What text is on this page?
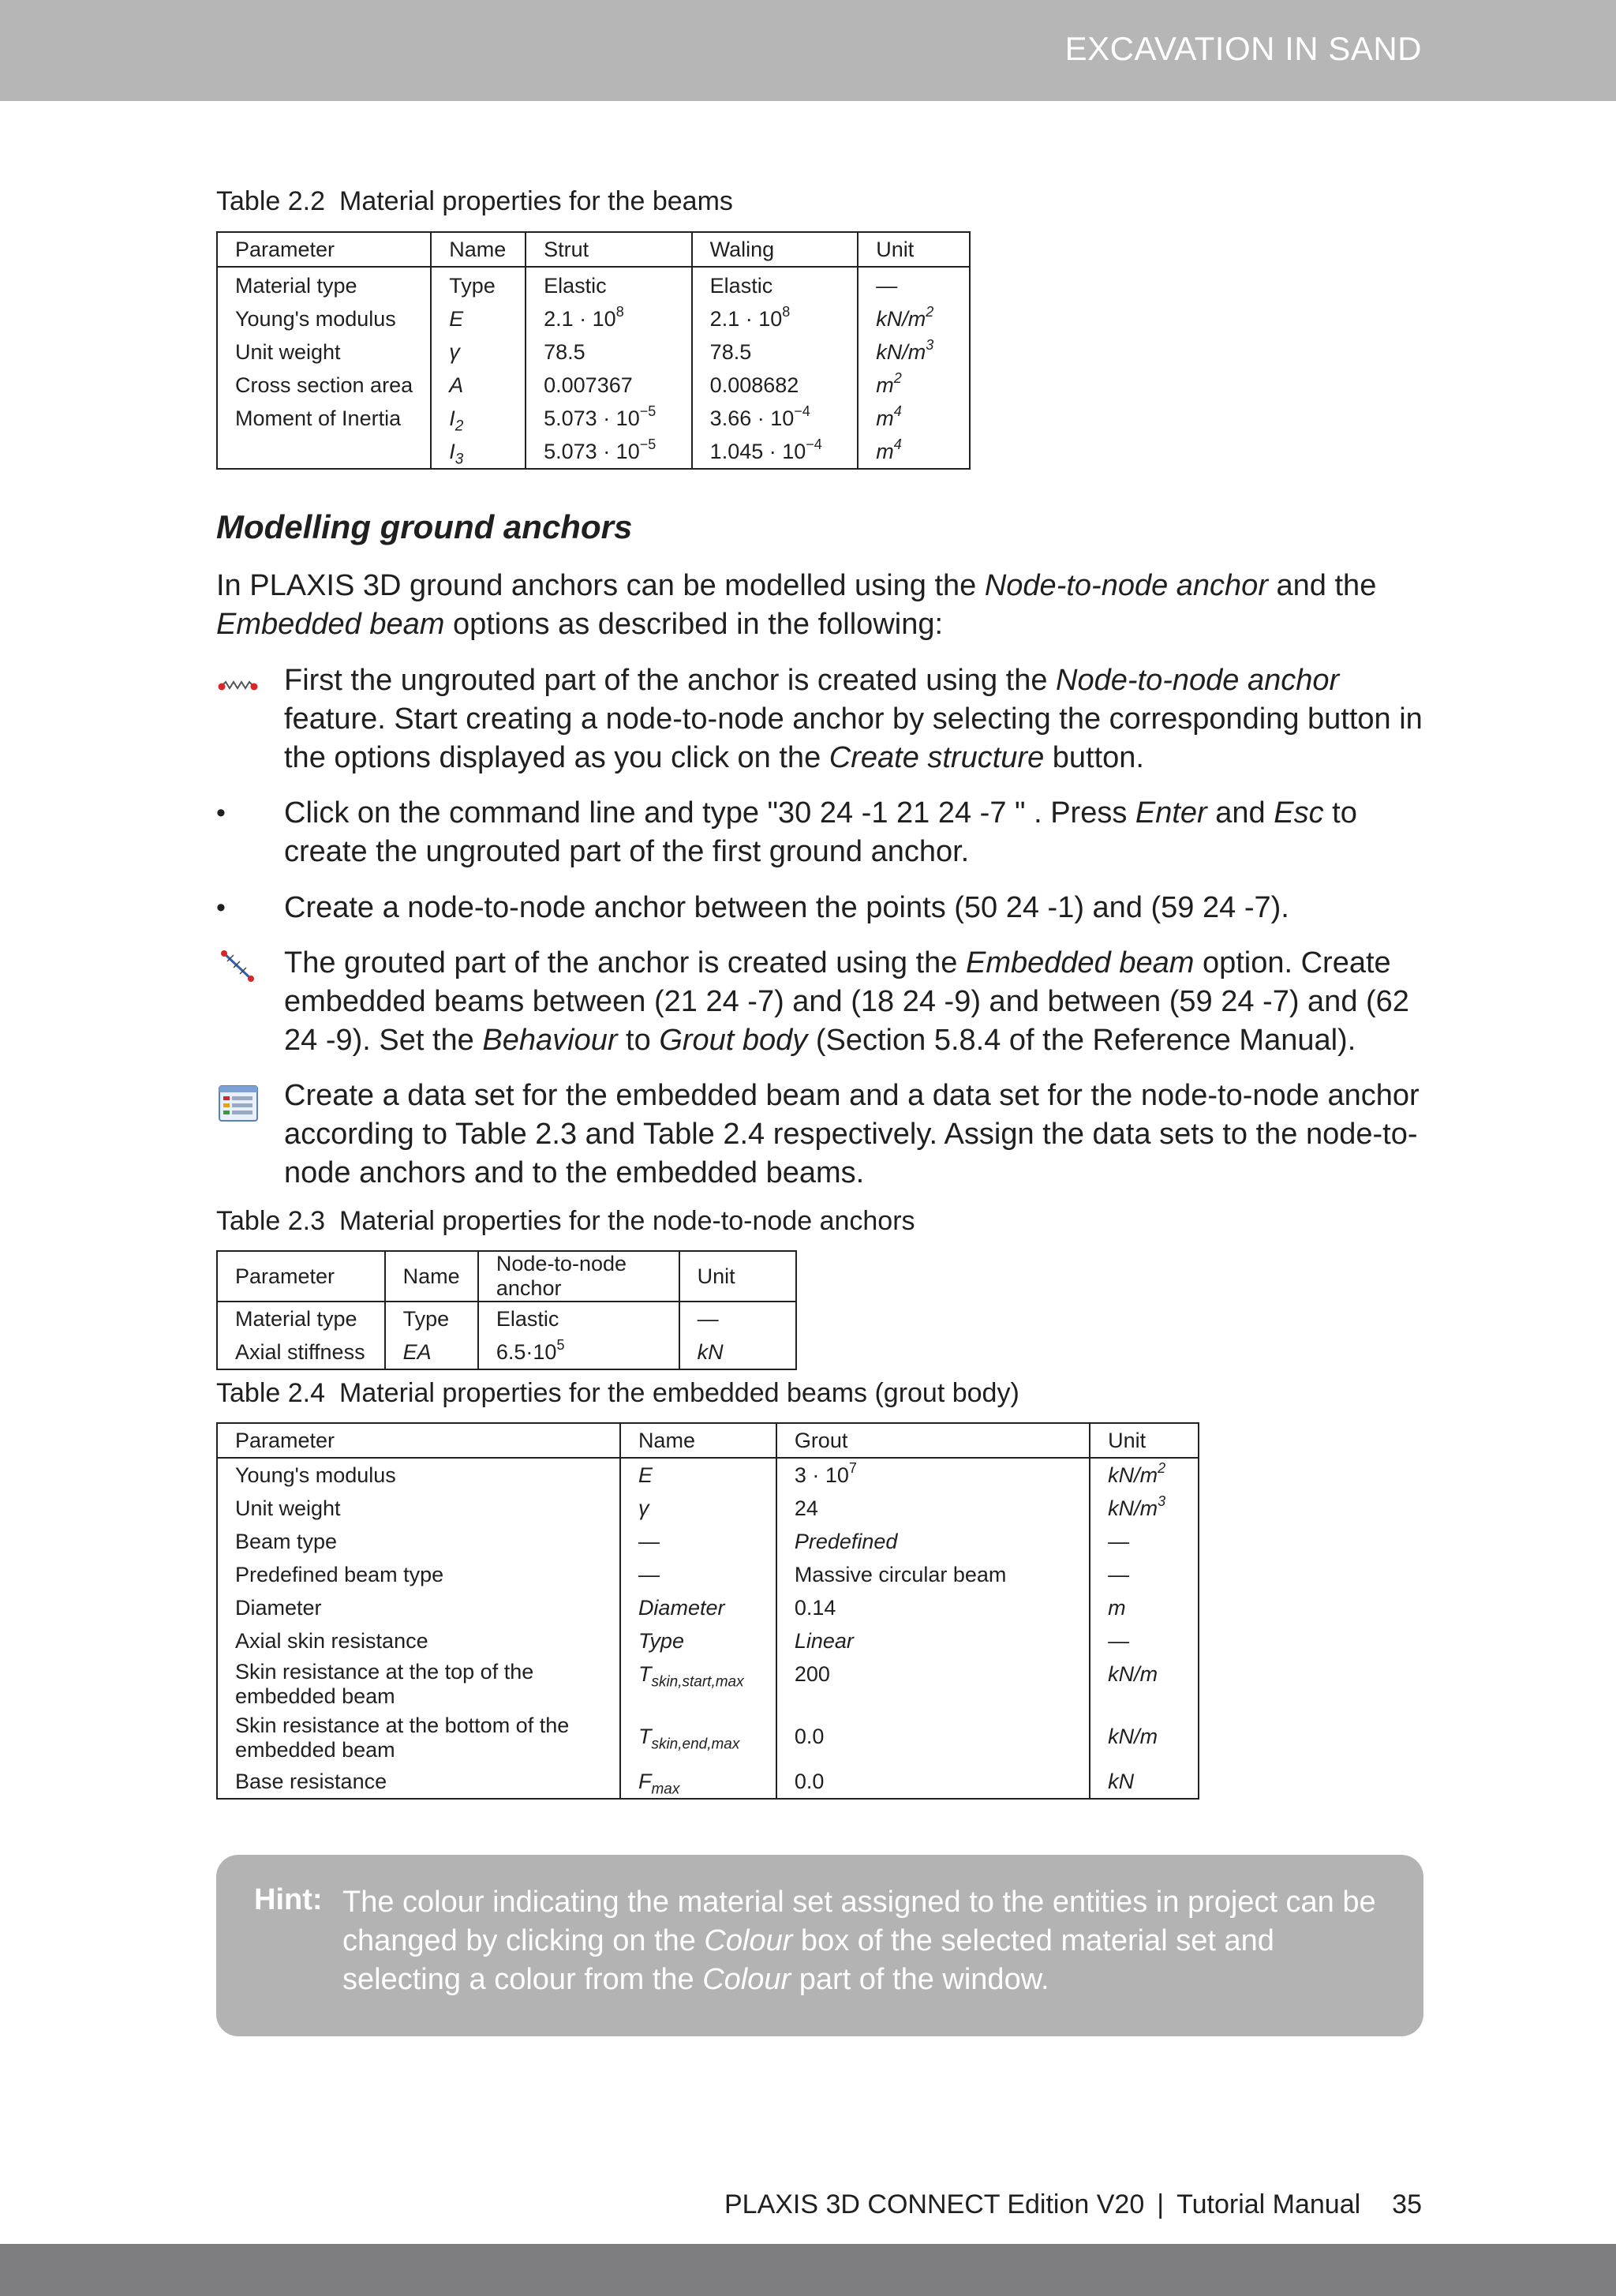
EXCAVATION IN SAND
Table 2.2 Material properties for the beams
Parameter	Name	Strut	Waling	Unit
Material type	Type	Elastic	Elastic	—
Young's modulus	E	$2.1 \cdot 10^8$	$2.1 \cdot 10^8$	$kN/m^2$
Unit weight	γ	78.5	78.5	$kN/m^3$
Cross section area	A	0.007367	0.008682	$m^2$
Moment of Inertia	$I_2$	$5.073 \cdot 10^{-5}$	$3.66 \cdot 10^{-4}$	$m^4$
	$I_3$	$5.073 \cdot 10^{-5}$	$1.045 \cdot 10^{-4}$	$m^4$
Modelling ground anchors
In PLAXIS 3D ground anchors can be modelled using the Node-to-node anchor and the Embedded beam options as described in the following:
First the ungrouted part of the anchor is created using the Node-to-node anchor feature. Start creating a node-to-node anchor by selecting the corresponding button in the options displayed as you click on the Create structure button.
• Click on the command line and type "30 24 -1 21 24 -7 " . Press Enter and Esc to create the ungrouted part of the first ground anchor.
• Create a node-to-node anchor between the points (50 24 -1) and (59 24 -7).
The grouted part of the anchor is created using the Embedded beam option. Create embedded beams between (21 24 -7) and (18 24 -9) and between (59 24 -7) and (62 24 -9). Set the Behaviour to Grout body (Section 5.8.4 of the Reference Manual).
Create a data set for the embedded beam and a data set for the node-to-node anchor according to Table 2.3 and Table 2.4 respectively. Assign the data sets to the node-to-node anchors and to the embedded beams.
Table 2.3 Material properties for the node-to-node anchors
Parameter	Name	Node-to-node anchor	Unit
Material type	Type	Elastic	—
Axial stiffness	EA	$6.5\cdot 10^5$	kN
Table 2.4 Material properties for the embedded beams (grout body)
Parameter	Name	Grout	Unit
Young's modulus	E	$3 \cdot 10^7$	$kN/m^2$
Unit weight	γ	24	$kN/m^3$
Beam type	—	Predefined	—
Predefined beam type	—	Massive circular beam	—
Diameter	Diameter	0.14	m
Axial skin resistance	Type	Linear	—
Skin resistance at the top of the embedded beam	$T_{skin,start,max}$	200	kN/m
Skin resistance at the bottom of the embedded beam	$T_{skin,end,max}$	0.0	kN/m
Base resistance	$F_{max}$	0.0	kN
Hint: The colour indicating the material set assigned to the entities in project can be changed by clicking on the Colour box of the selected material set and selecting a colour from the Colour part of the window.
PLAXIS 3D CONNECT Edition V20 | Tutorial Manual 35
